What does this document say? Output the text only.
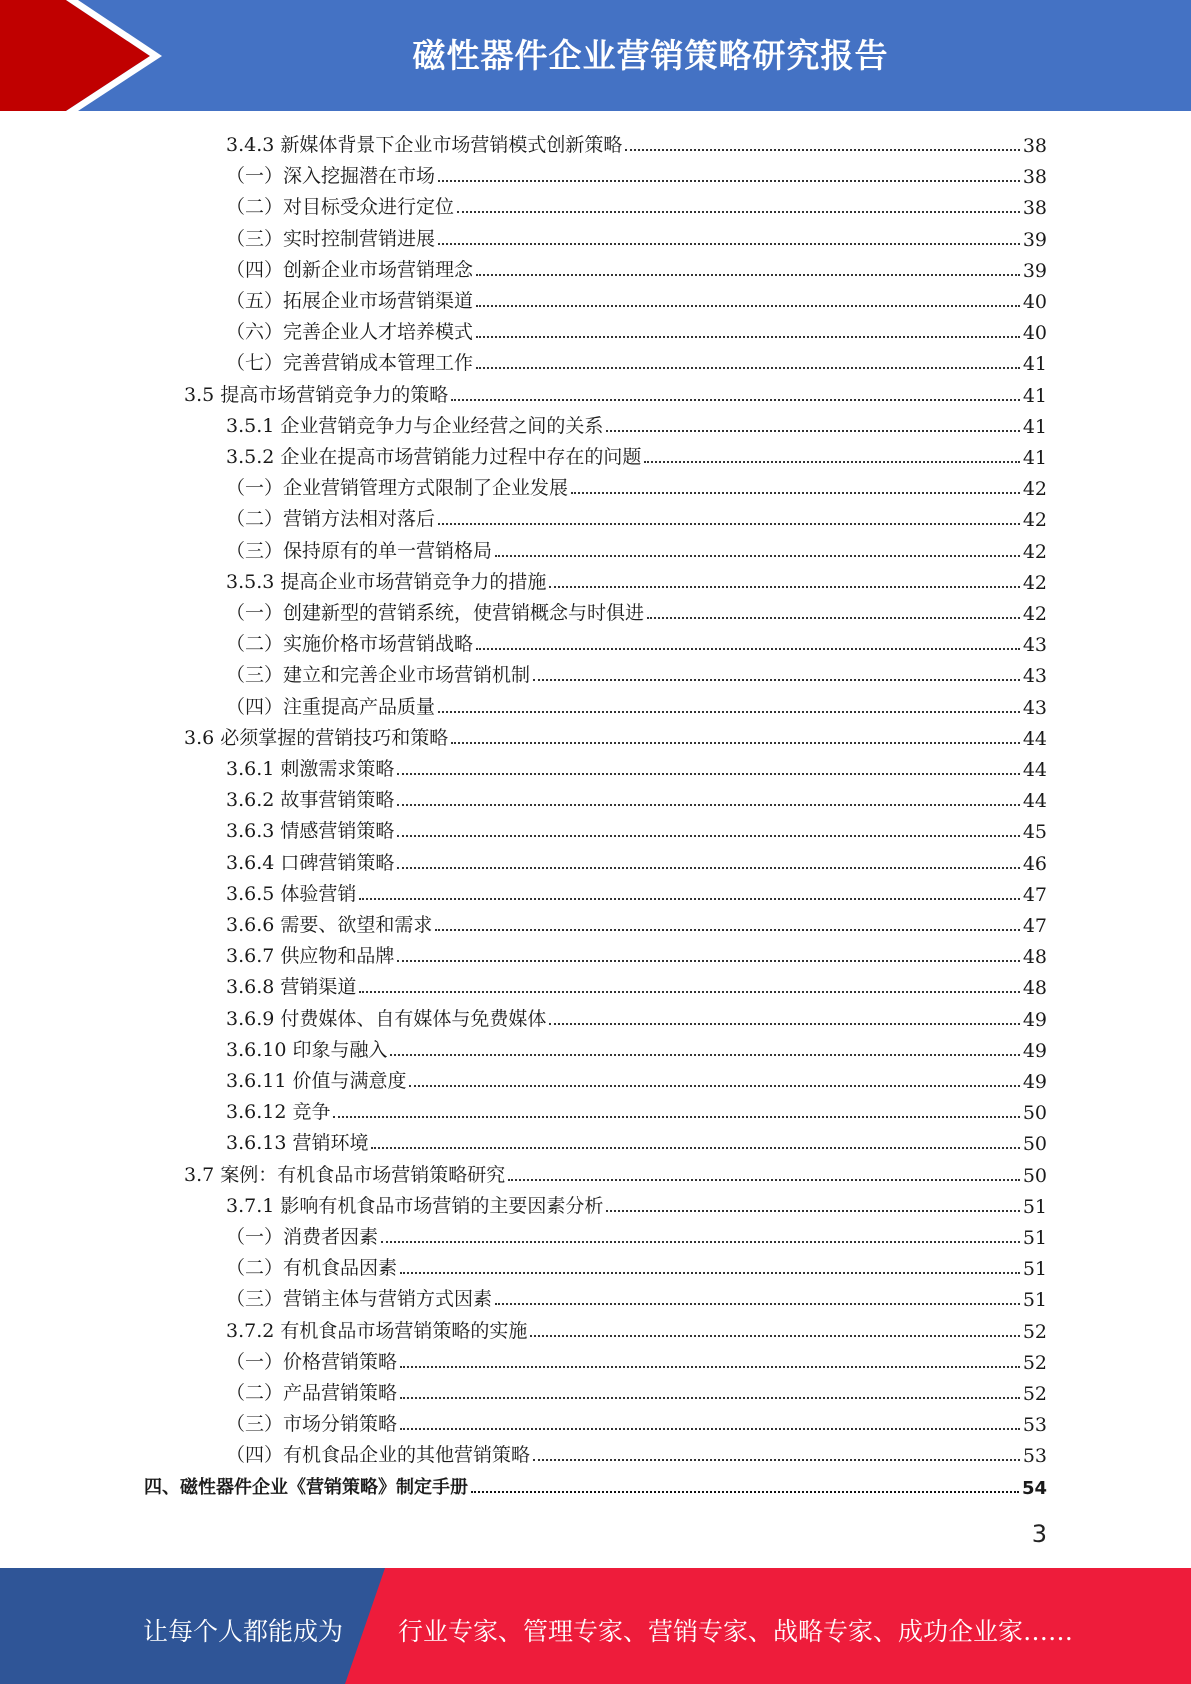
磁性器件企业营销策略研究报告
3.4.3 新媒体背景下企业市场营销模式创新策略	38
（一）深入挖掘潜在市场	38
（二）对目标受众进行定位	38
（三）实时控制营销进展	39
（四）创新企业市场营销理念	39
（五）拓展企业市场营销渠道	40
（六）完善企业人才培养模式	40
（七）完善营销成本管理工作	41
3.5 提高市场营销竞争力的策略	41
3.5.1 企业营销竞争力与企业经营之间的关系	41
3.5.2 企业在提高市场营销能力过程中存在的问题	41
（一）企业营销管理方式限制了企业发展	42
（二）营销方法相对落后	42
（三）保持原有的单一营销格局	42
3.5.3 提高企业市场营销竞争力的措施	42
（一）创建新型的营销系统，使营销概念与时俱进	42
（二）实施价格市场营销战略	43
（三）建立和完善企业市场营销机制	43
（四）注重提高产品质量	43
3.6 必须掌握的营销技巧和策略	44
3.6.1 刺激需求策略	44
3.6.2 故事营销策略	44
3.6.3 情感营销策略	45
3.6.4 口碑营销策略	46
3.6.5 体验营销	47
3.6.6 需要、欲望和需求	47
3.6.7 供应物和品牌	48
3.6.8 营销渠道	48
3.6.9 付费媒体、自有媒体与免费媒体	49
3.6.10 印象与融入	49
3.6.11 价值与满意度	49
3.6.12 竞争	50
3.6.13 营销环境	50
3.7 案例：有机食品市场营销策略研究	50
3.7.1 影响有机食品市场营销的主要因素分析	51
（一）消费者因素	51
（二）有机食品因素	51
（三）营销主体与营销方式因素	51
3.7.2 有机食品市场营销策略的实施	52
（一）价格营销策略	52
（二）产品营销策略	52
（三）市场分销策略	53
（四）有机食品企业的其他营销策略	53
四、磁性器件企业《营销策略》制定手册	54
3
让每个人都能成为 行业专家、管理专家、营销专家、战略专家、成功企业家……
